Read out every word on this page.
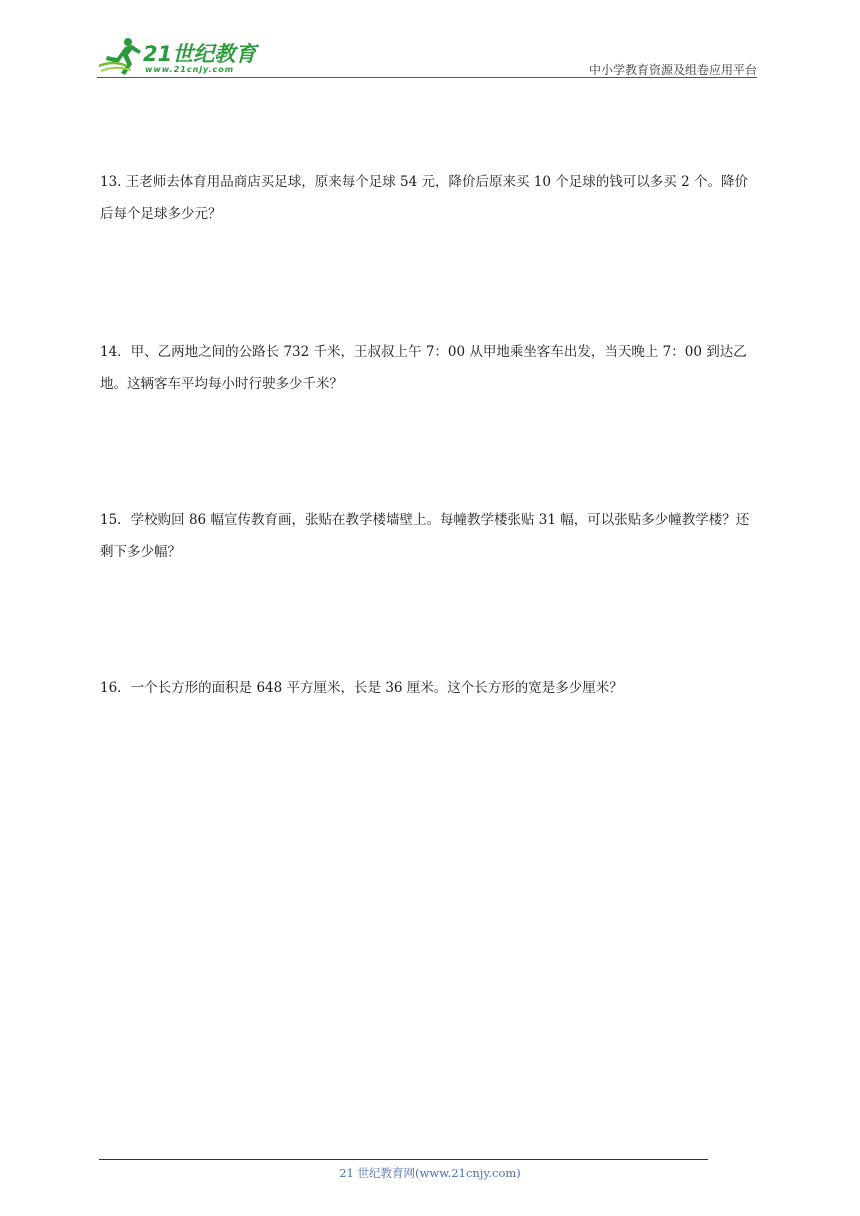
21世纪教育
www.21cnjy.com	中小学教育资源及组卷应用平台
13. 王老师去体育用品商店买足球，原来每个足球 54 元，降价后原来买 10 个足球的钱可以多买 2 个。降价后每个足球多少元？
14．甲、乙两地之间的公路长 732 千米，王叔叔上午 7：00 从甲地乘坐客车出发，当天晚上 7：00 到达乙地。这辆客车平均每小时行驶多少千米？
15．学校购回 86 幅宣传教育画，张贴在教学楼墙壁上。每幢教学楼张贴 31 幅，可以张贴多少幢教学楼？还剩下多少幅？
16．一个长方形的面积是 648 平方厘米，长是 36 厘米。这个长方形的宽是多少厘米？
21 世纪教育网(www.21cnjy.com)
